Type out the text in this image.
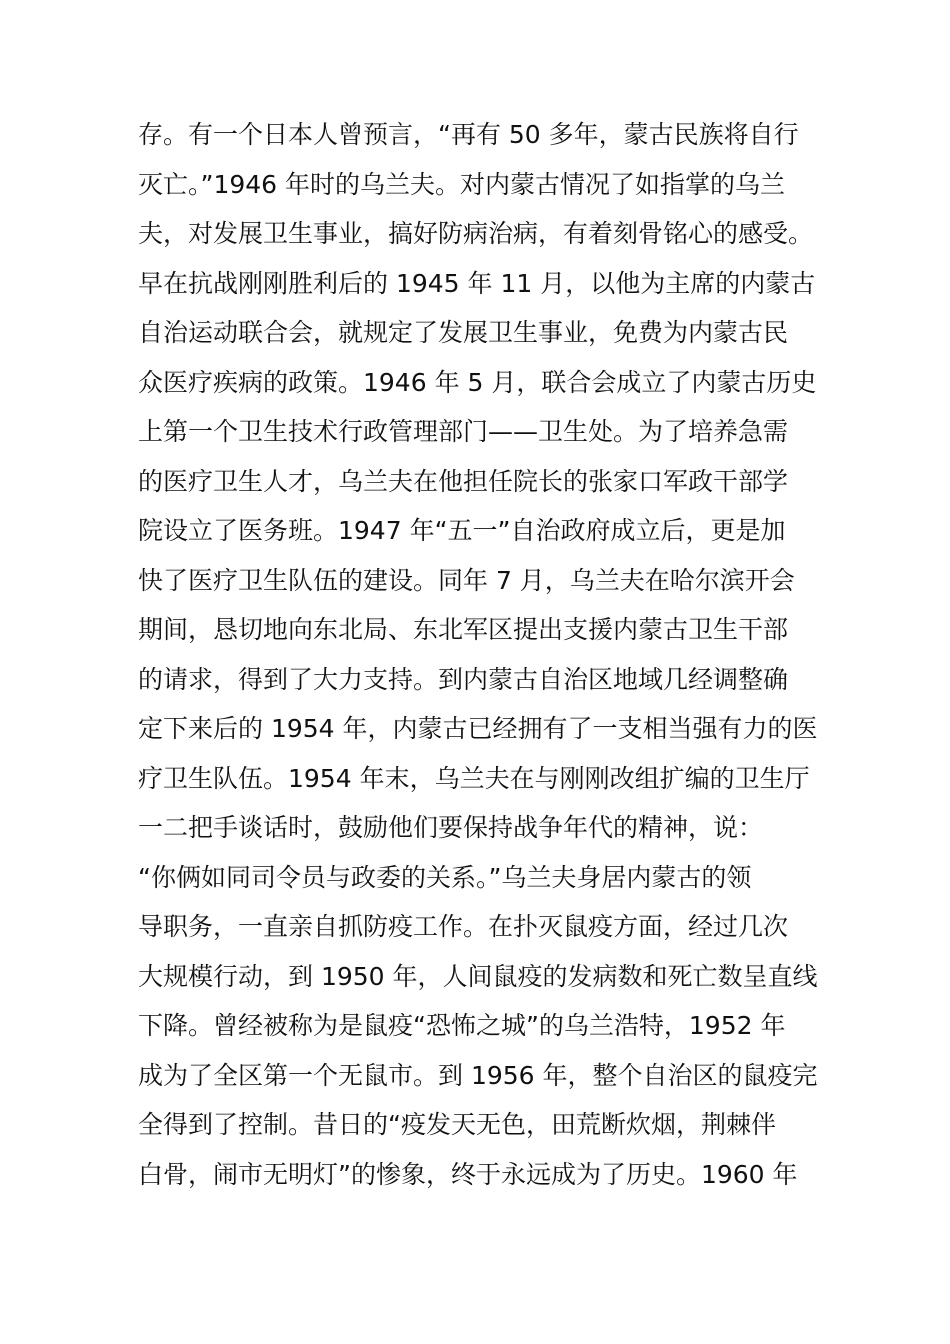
存。有一个日本人曾预言，“再有 50 多年，蒙古民族将自行
灭亡。”1946 年时的乌兰夫。对内蒙古情况了如指掌的乌兰
夫，对发展卫生事业，搞好防病治病，有着刻骨铭心的感受。
早在抗战刚刚胜利后的 1945 年 11 月，以他为主席的内蒙古
自治运动联合会，就规定了发展卫生事业，免费为内蒙古民
众医疗疾病的政策。1946 年 5 月，联合会成立了内蒙古历史
上第一个卫生技术行政管理部门——卫生处。为了培养急需
的医疗卫生人才，乌兰夫在他担任院长的张家口军政干部学
院设立了医务班。1947 年“五一”自治政府成立后，更是加
快了医疗卫生队伍的建设。同年 7 月，乌兰夫在哈尔滨开会
期间，恳切地向东北局、东北军区提出支援内蒙古卫生干部
的请求，得到了大力支持。到内蒙古自治区地域几经调整确
定下来后的 1954 年，内蒙古已经拥有了一支相当强有力的医
疗卫生队伍。1954 年末，乌兰夫在与刚刚改组扩编的卫生厅
一二把手谈话时，鼓励他们要保持战争年代的精神，说：
“你俩如同司令员与政委的关系。”乌兰夫身居内蒙古的领
导职务，一直亲自抓防疫工作。在扑灭鼠疫方面，经过几次
大规模行动，到 1950 年，人间鼠疫的发病数和死亡数呈直线
下降。曾经被称为是鼠疫“恐怖之城”的乌兰浩特，1952 年
成为了全区第一个无鼠市。到 1956 年，整个自治区的鼠疫完
全得到了控制。昔日的“疫发天无色，田荒断炊烟，荆棘伴
白骨，闹市无明灯”的惨象，终于永远成为了历史。1960 年
